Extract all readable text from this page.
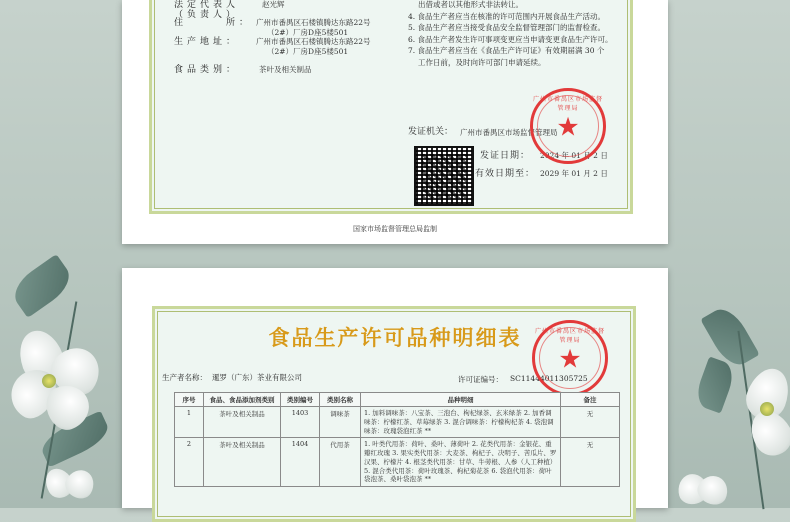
法定代表人	赵光辉
（负责人）
住　　　所： 广州市番禺区石楼镇腾达东路22号
（2#）厂房D座5楼501
生产地址： 广州市番禺区石楼镇腾达东路22号
（2#）厂房D座5楼501
食品类别：	茶叶及相关制品
出借或者以其他形式非法转让。
4. 食品生产者应当在核准的许可范围内开展食品生产活动。
5. 食品生产者应当接受食品安全监督管理部门的监督检查。
6. 食品生产者发生许可事项变更应当申请变更食品生产许可。
7. 食品生产者应当在《食品生产许可证》有效期届满 30 个
工作日前，及时向许可部门申请延续。
发证机关： 广州市番禺区市场监督管理局
发证日期： 2024 年 01 月 2 日
有效日期至： 2029 年 01 月 2 日
广州市番禺区市场监督管理局
★
国家市场监督管理总局监制
食品生产许可品种明细表
生产者名称： 暹罗（广东）茶业有限公司	许可证编号： SC11444011305725
广州市番禺区市场监督管理局
★
序号	食品、食品添加剂类别	类别编号	类别名称	品种明细	备注
1	茶叶及相关制品	1403	调味茶	1. 加料调味茶：八宝茶、三泡台、枸杞绿茶、玄米绿茶 2. 加香调味茶：柠檬红茶、草莓绿茶 3. 混合调味茶：柠檬枸杞茶 4. 袋泡调味茶：玫瑰袋泡红茶 **	无
2	茶叶及相关制品	1404	代用茶	1. 叶类代用茶：荷叶、桑叶、薄荷叶 2. 花类代用茶：金银花、重瓣红玫瑰 3. 果实类代用茶：大麦茶、枸杞子、决明子、苦瓜片、罗汉果、柠檬片 4. 根茎类代用茶：甘草、牛蒡根、人参（人工种植） 5. 混合类代用茶：荷叶玫瑰茶、枸杞菊花茶 6. 袋泡代用茶：荷叶袋泡茶、桑叶袋泡茶 **	无
